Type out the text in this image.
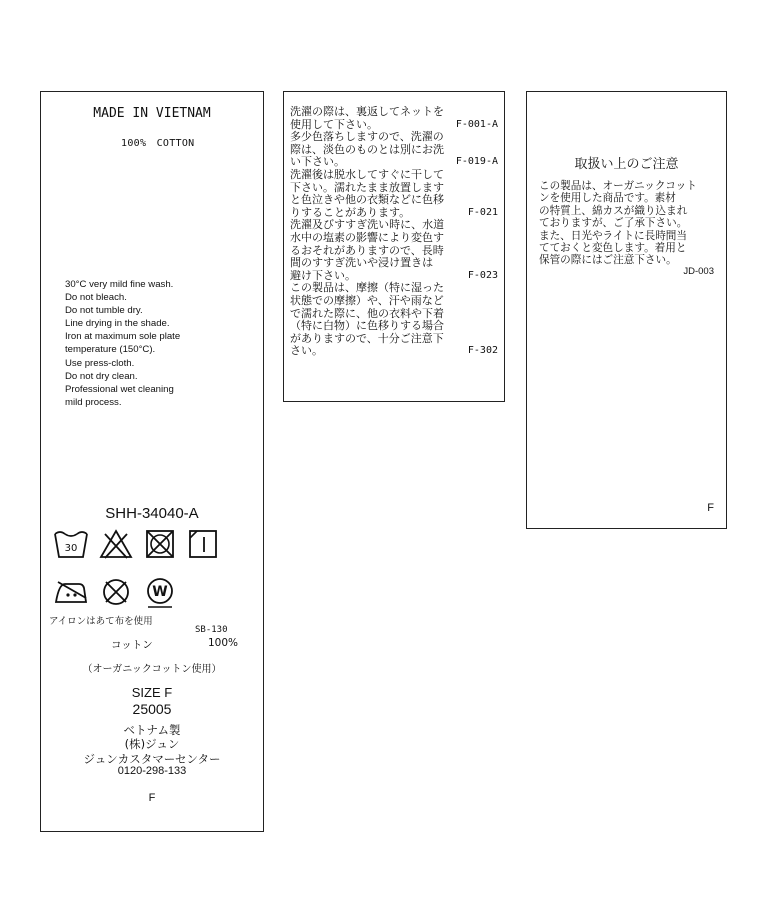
MADE IN VIETNAM
100%　COTTON
30°C very mild fine wash.
Do not bleach.
Do not tumble dry.
Line drying in the shade.
Iron at maximum sole plate
temperature (150°C).
Use press-cloth.
Do not dry clean.
Professional wet cleaning
mild process.
SHH-34040-A
30
W
アイロンはあて布を使用
SB-130
コットン	100%
（オーガニックコットン使用）
SIZE F
25005
ベトナム製
(株)ジュン
ジュンカスタマーセンター
0120-298-133
F
洗濯の際は、裏返してネットを
使用して下さい。	F-001-A
多少色落ちしますので、洗濯の
際は、淡色のものとは別にお洗
い下さい。	F-019-A
洗濯後は脱水してすぐに干して
下さい。濡れたまま放置します
と色泣きや他の衣類などに色移
りすることがあります。	F-021
洗濯及びすすぎ洗い時に、水道
水中の塩素の影響により変色す
るおそれがありますので、長時
間のすすぎ洗いや浸け置きは
避け下さい。	F-023
この製品は、摩擦（特に湿った
状態での摩擦）や、汗や雨など
で濡れた際に、他の衣料や下着
（特に白物）に色移りする場合
がありますので、十分ご注意下
さい。	F-302
取扱い上のご注意
この製品は、オーガニックコット
ンを使用した商品です。素材
の特質上、綿カスが織り込まれ
ておりますが、ご了承下さい。
また、日光やライトに長時間当
てておくと変色します。着用と
保管の際にはご注意下さい。
JD-003
F
